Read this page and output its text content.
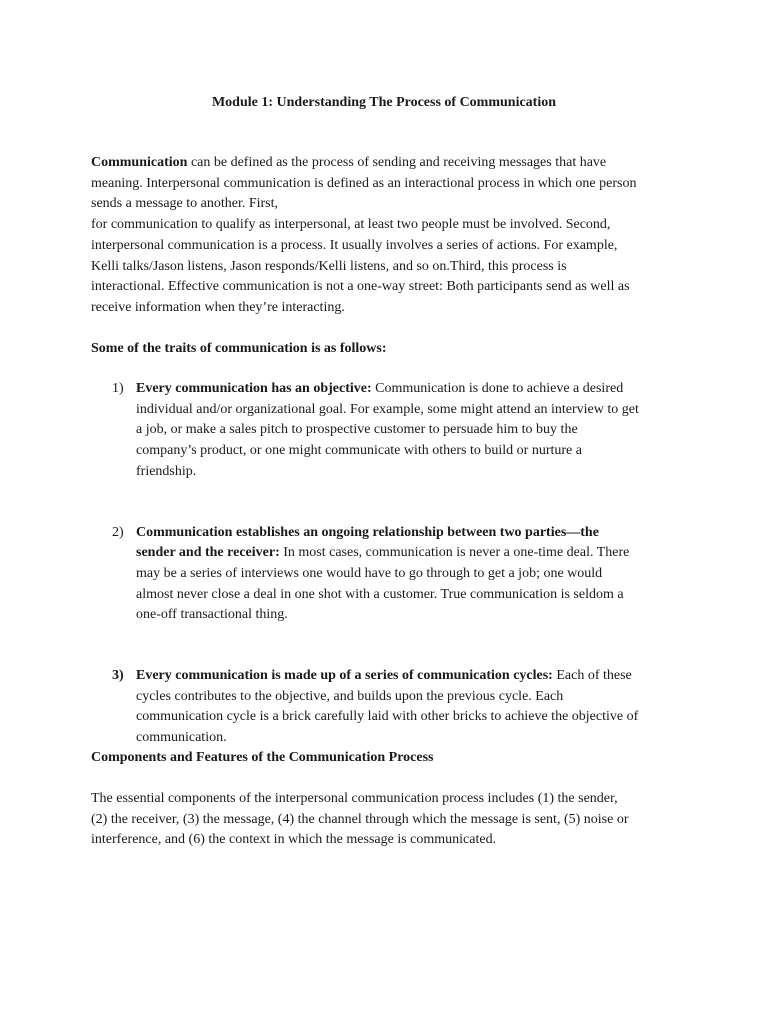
Module 1: Understanding The Process of Communication
Communication can be defined as the process of sending and receiving messages that have
meaning. Interpersonal communication is defined as an interactional process in which one person
sends a message to another. First,
for communication to qualify as interpersonal, at least two people must be involved. Second,
interpersonal communication is a process. It usually involves a series of actions. For example,
Kelli talks/Jason listens, Jason responds/Kelli listens, and so on.Third, this process is
interactional. Effective communication is not a one-way street: Both participants send as well as
receive information when they’re interacting.

Some of the traits of communication is as follows:

1) Every communication has an objective: Communication is done to achieve a desired
individual and/or organizational goal. For example, some might attend an interview to get
a job, or make a sales pitch to prospective customer to persuade him to buy the
company’s product, or one might communicate with others to build or nurture a
friendship.
2) Communication establishes an ongoing relationship between two parties—the
sender and the receiver: In most cases, communication is never a one-time deal. There
may be a series of interviews one would have to go through to get a job; one would
almost never close a deal in one shot with a customer. True communication is seldom a
one-off transactional thing.
3) Every communication is made up of a series of communication cycles: Each of these
cycles contributes to the objective, and builds upon the previous cycle. Each
communication cycle is a brick carefully laid with other bricks to achieve the objective of
communication.

Components and Features of the Communication Process

The essential components of the interpersonal communication process includes (1) the sender,
(2) the receiver, (3) the message, (4) the channel through which the message is sent, (5) noise or
interference, and (6) the context in which the message is communicated.
